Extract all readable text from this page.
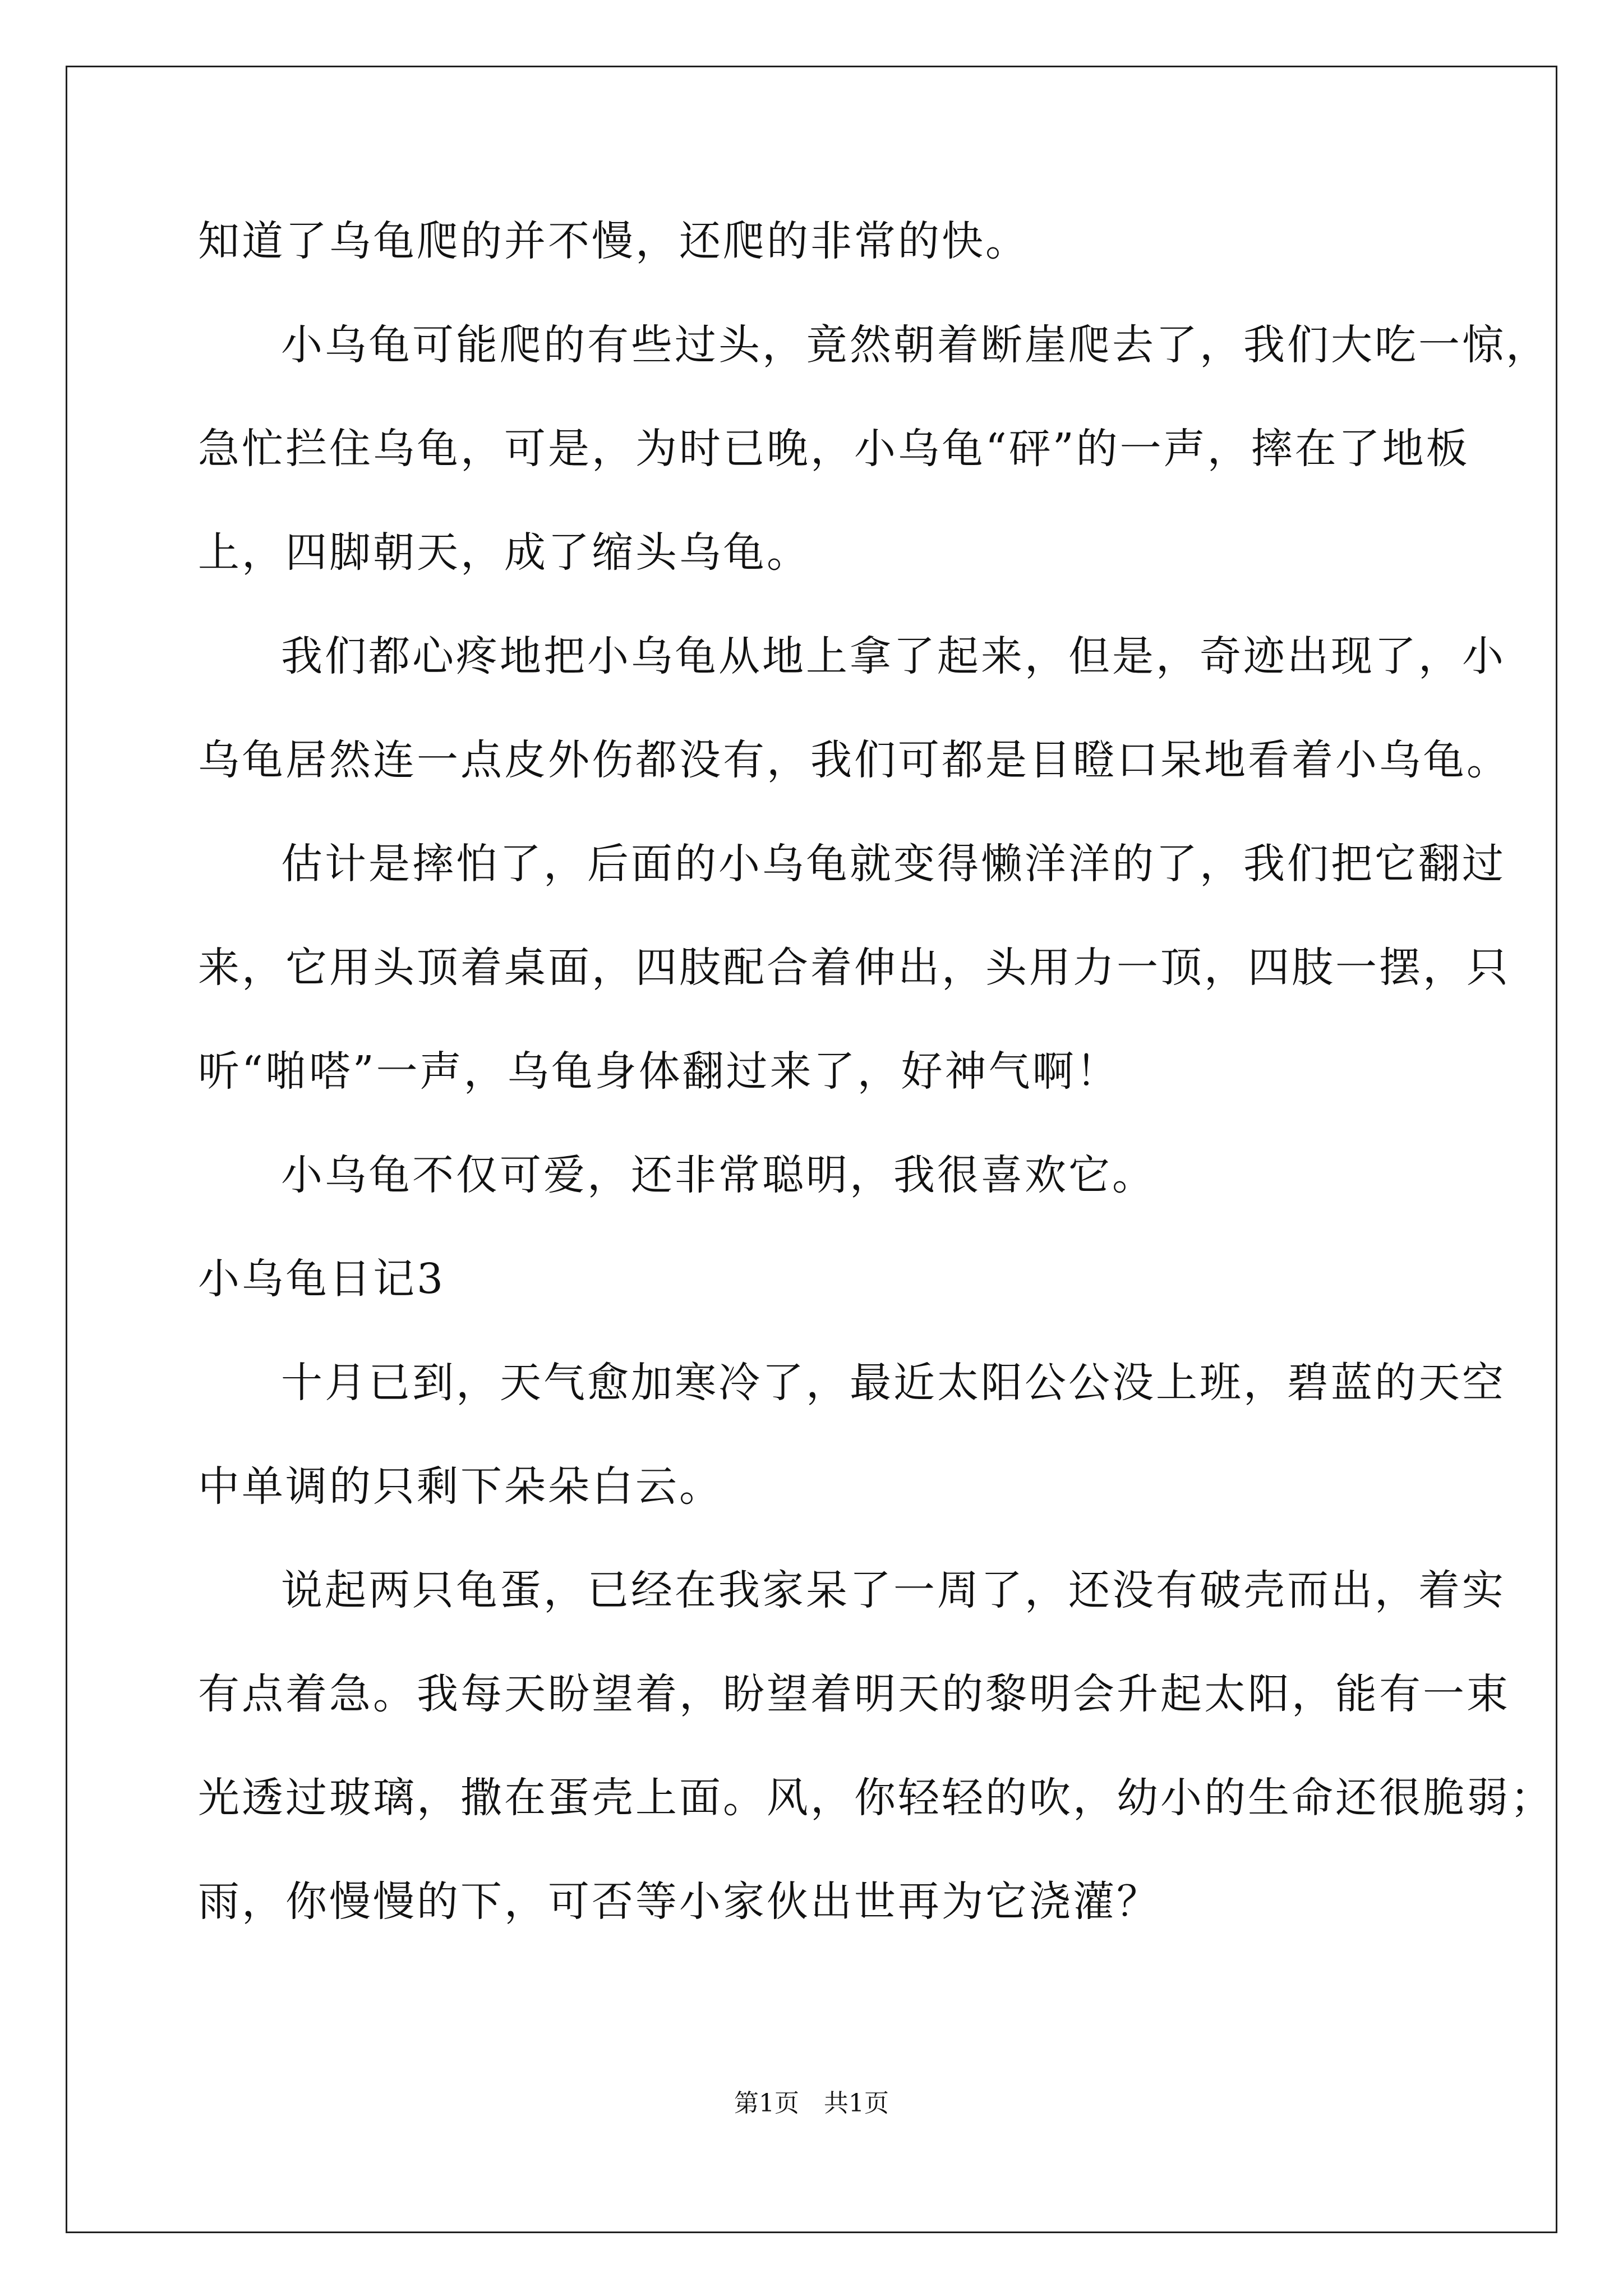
知道了乌龟爬的并不慢，还爬的非常的快。
小乌龟可能爬的有些过头，竟然朝着断崖爬去了，我们大吃一惊，
急忙拦住乌龟，可是，为时已晚，小乌龟“砰”的一声，摔在了地板
上，四脚朝天，成了缩头乌龟。
我们都心疼地把小乌龟从地上拿了起来，但是，奇迹出现了，小
乌龟居然连一点皮外伤都没有，我们可都是目瞪口呆地看着小乌龟。
估计是摔怕了，后面的小乌龟就变得懒洋洋的了，我们把它翻过
来，它用头顶着桌面，四肢配合着伸出，头用力一顶，四肢一摆，只
听“啪嗒”一声，乌龟身体翻过来了，好神气啊！
小乌龟不仅可爱，还非常聪明，我很喜欢它。
小乌龟日记3
十月已到，天气愈加寒冷了，最近太阳公公没上班，碧蓝的天空
中单调的只剩下朵朵白云。
说起两只龟蛋，已经在我家呆了一周了，还没有破壳而出，着实
有点着急。我每天盼望着，盼望着明天的黎明会升起太阳，能有一束
光透过玻璃，撒在蛋壳上面。风，你轻轻的吹，幼小的生命还很脆弱；
雨，你慢慢的下，可否等小家伙出世再为它浇灌？
第1页 共1页
